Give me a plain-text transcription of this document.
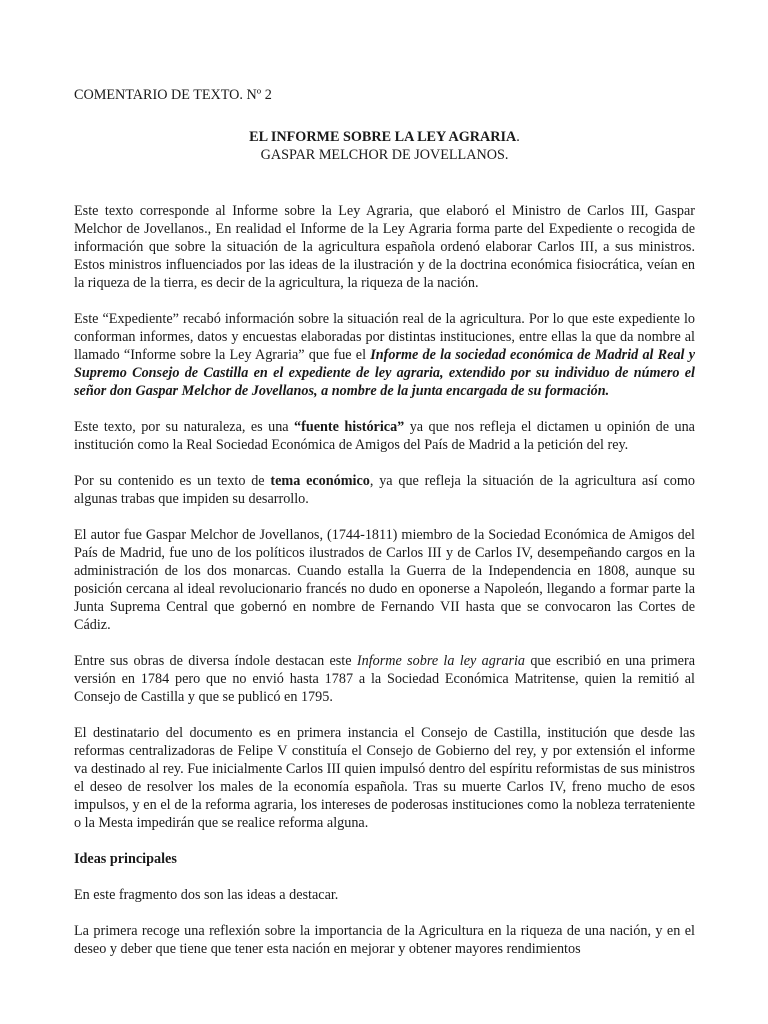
COMENTARIO DE TEXTO. Nº 2
EL INFORME SOBRE LA LEY AGRARIA.
GASPAR MELCHOR DE JOVELLANOS.

Este texto corresponde al Informe sobre la Ley Agraria, que elaboró el Ministro de Carlos III, Gaspar Melchor de Jovellanos., En realidad el Informe de la Ley Agraria forma parte del Expediente o recogida de información que sobre la situación de la agricultura española ordenó elaborar Carlos III, a sus ministros. Estos ministros influenciados por las ideas de la ilustración y de la doctrina económica fisiocrática, veían en la riqueza de la tierra, es decir de la agricultura, la riqueza de la nación.

Este “Expediente” recabó información sobre la situación real de la agricultura. Por lo que este expediente lo conforman informes, datos y encuestas elaboradas por distintas instituciones, entre ellas la que da nombre al llamado “Informe sobre la Ley Agraria” que fue el Informe de la sociedad económica de Madrid al Real y Supremo Consejo de Castilla en el expediente de ley agraria, extendido por su individuo de número el señor don Gaspar Melchor de Jovellanos, a nombre de la junta encargada de su formación.

Este texto, por su naturaleza, es una “fuente histórica” ya que nos refleja el dictamen u opinión de una institución como la Real Sociedad Económica de Amigos del País de Madrid a la petición del rey.

Por su contenido es un texto de tema económico, ya que refleja la situación de la agricultura así como algunas trabas que impiden su desarrollo.

El autor fue Gaspar Melchor de Jovellanos, (1744-1811) miembro de la Sociedad Económica de Amigos del País de Madrid, fue uno de los políticos ilustrados de Carlos III y de Carlos IV, desempeñando cargos en la administración de los dos monarcas. Cuando estalla la Guerra de la Independencia en 1808, aunque su posición cercana al ideal revolucionario francés no dudo en oponerse a Napoleón, llegando a formar parte la Junta Suprema Central que gobernó en nombre de Fernando VII hasta que se convocaron las Cortes de Cádiz.

Entre sus obras de diversa índole destacan este Informe sobre la ley agraria que escribió en una primera versión en 1784 pero que no envió hasta 1787 a la Sociedad Económica Matritense, quien la remitió al Consejo de Castilla y que se publicó en 1795.

El destinatario del documento es en primera instancia el Consejo de Castilla, institución que desde las reformas centralizadoras de Felipe V constituía el Consejo de Gobierno del rey, y por extensión el informe va destinado al rey. Fue inicialmente Carlos III quien impulsó dentro del espíritu reformistas de sus ministros el deseo de resolver los males de la economía española. Tras su muerte Carlos IV, freno mucho de esos impulsos, y en el de la reforma agraria, los intereses de poderosas instituciones como la nobleza terrateniente o la Mesta impedirán que se realice reforma alguna.

Ideas principales

En este fragmento dos son las ideas a destacar.

La primera recoge una reflexión sobre la importancia de la Agricultura en la riqueza de una nación, y en el deseo y deber que tiene que tener esta nación en mejorar y obtener mayores rendimientos
